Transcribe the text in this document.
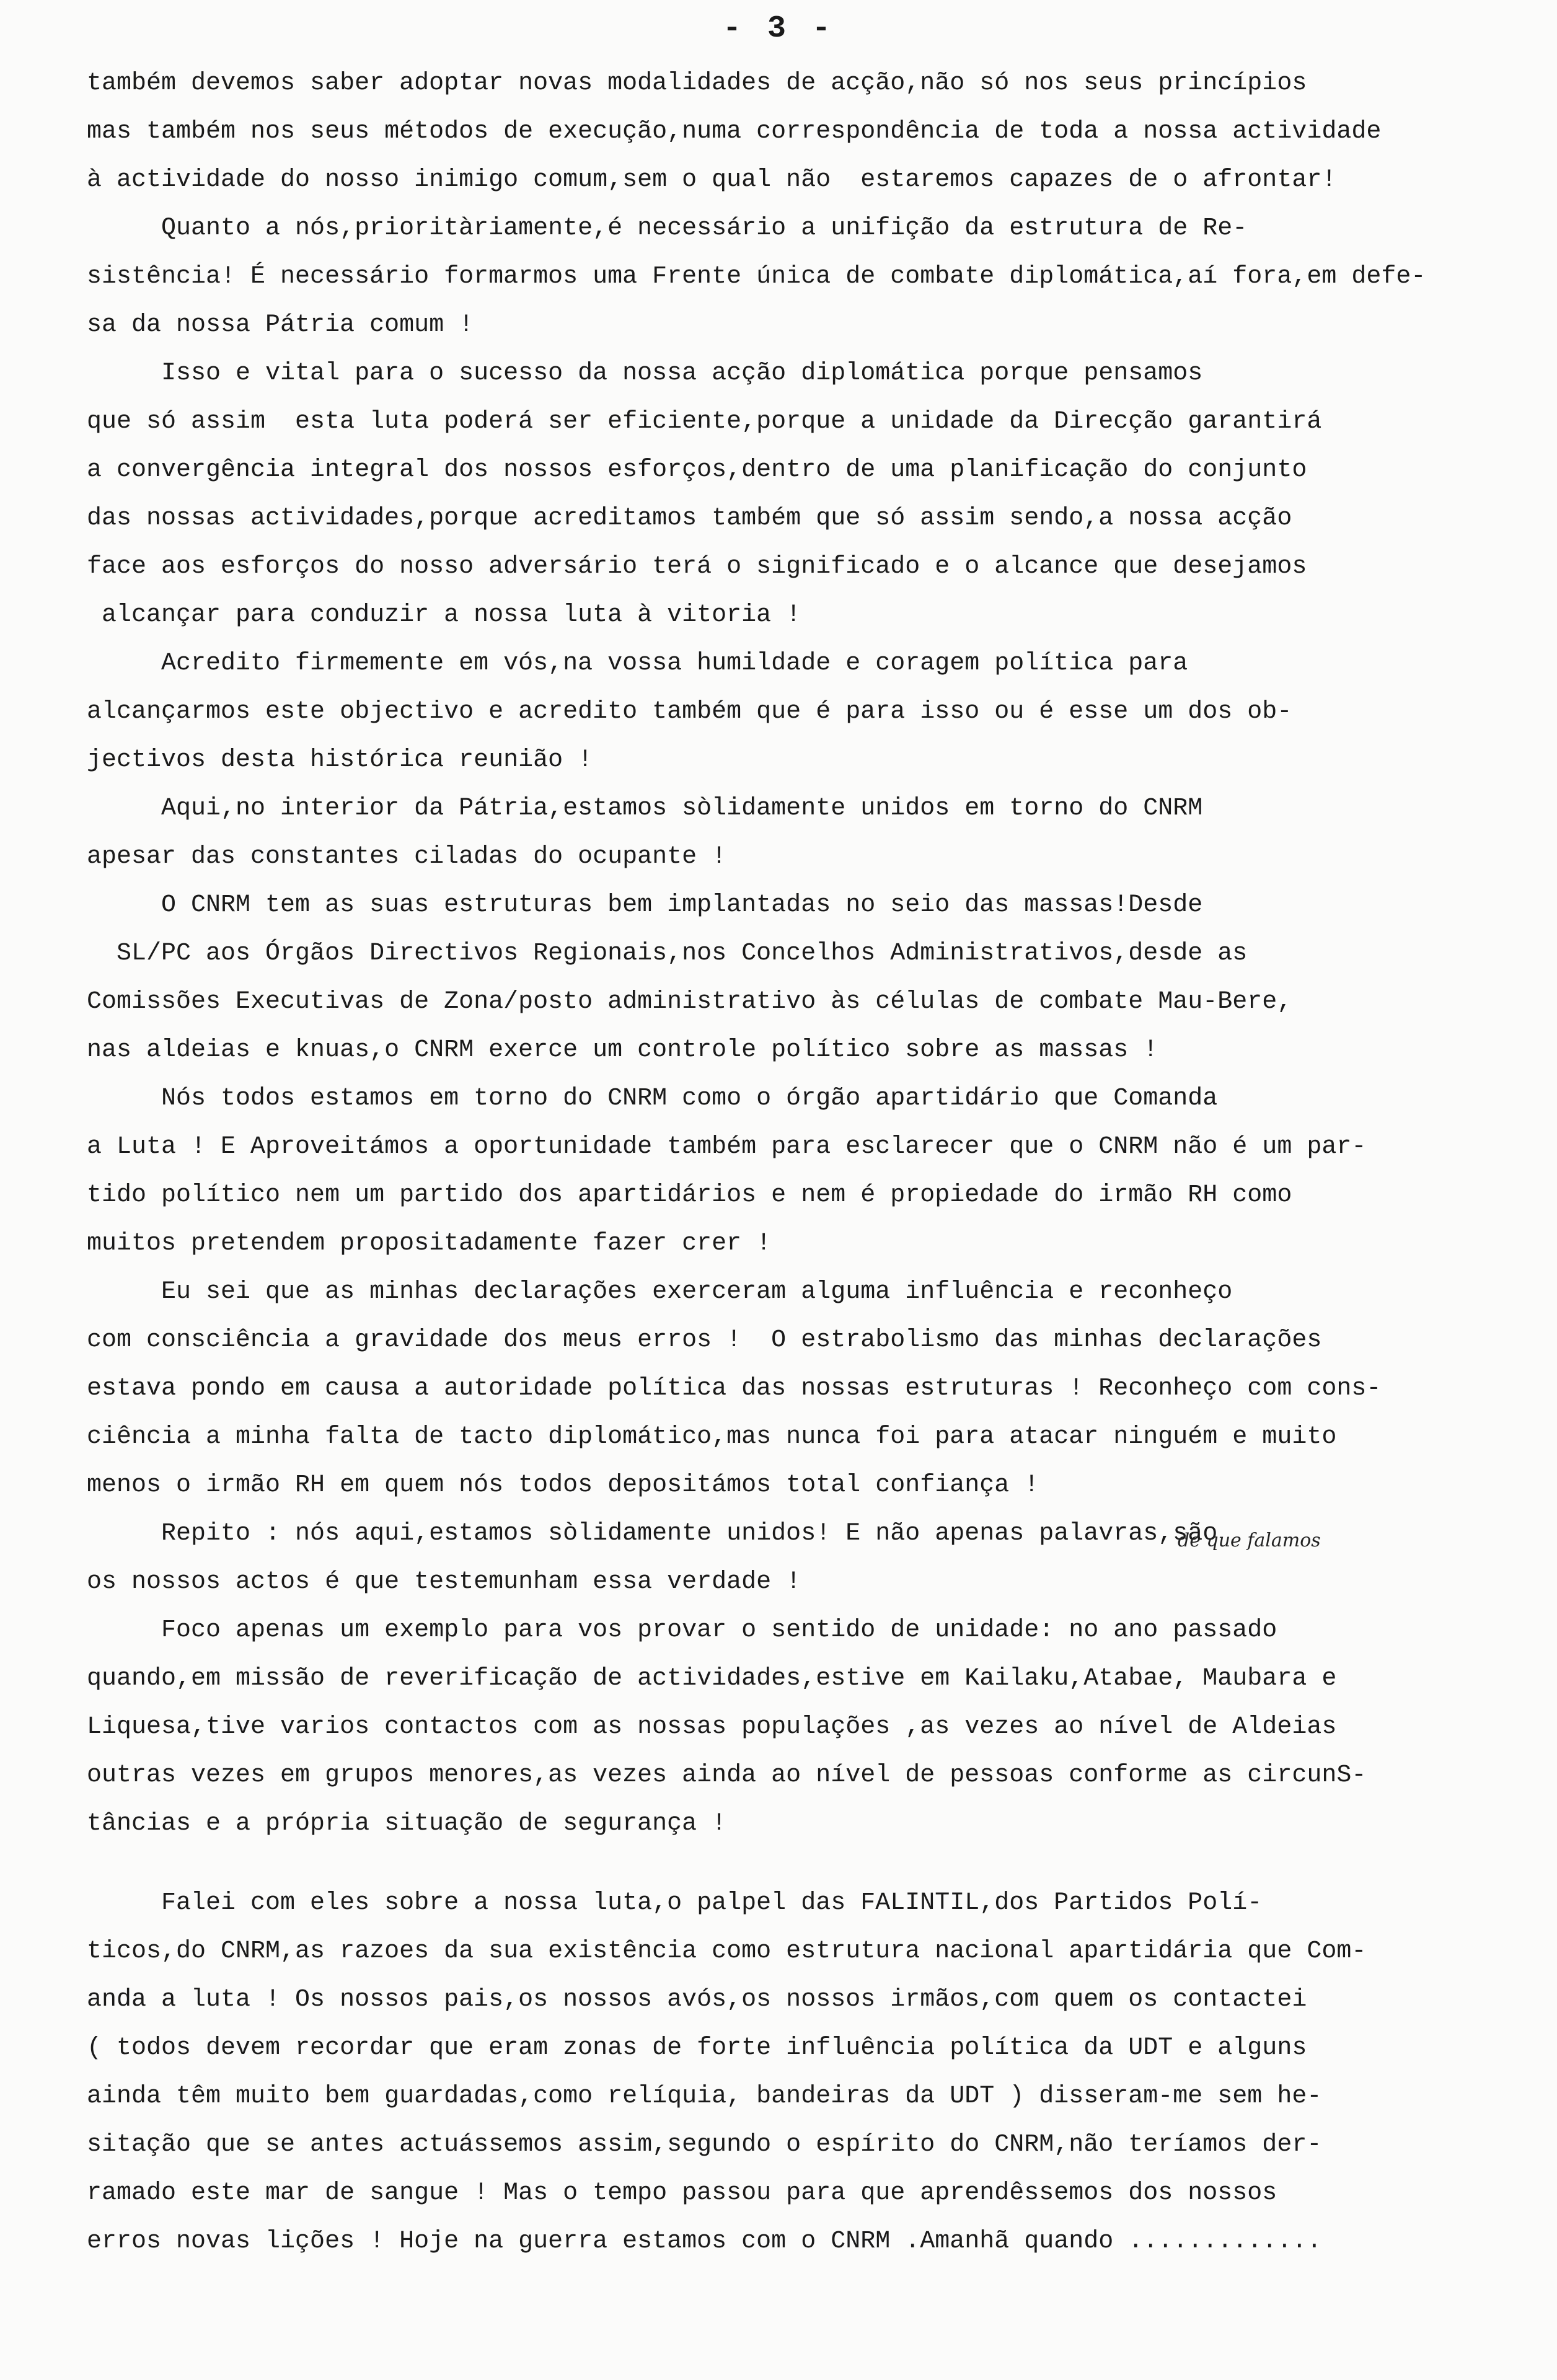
- 3 -
também devemos saber adoptar novas modalidades de acção,não só nos seus princípios
mas também nos seus métodos de execução,numa correspondência de toda a nossa actividade
à actividade do nosso inimigo comum,sem o qual não  estaremos capazes de o afrontar!
Quanto a nós,prioritàriamente,é necessário a unifição da estrutura de Re-
sistência! É necessário formarmos uma Frente única de combate diplomática,aí fora,em defe-
sa da nossa Pátria comum !
Isso e vital para o sucesso da nossa acção diplomática porque pensamos
que só assim  esta luta poderá ser eficiente,porque a unidade da Direcção garantirá
a convergência integral dos nossos esforços,dentro de uma planificação do conjunto
das nossas actividades,porque acreditamos também que só assim sendo,a nossa acção
face aos esforços do nosso adversário terá o significado e o alcance que desejamos
alcançar para conduzir a nossa luta à vitoria !
Acredito firmemente em vós,na vossa humildade e coragem política para
alcançarmos este objectivo e acredito também que é para isso ou é esse um dos ob-
jectivos desta histórica reunião !
Aqui,no interior da Pátria,estamos sòlidamente unidos em torno do CNRM
apesar das constantes ciladas do ocupante !
O CNRM tem as suas estruturas bem implantadas no seio das massas!Desde
SL/PC aos Órgãos Directivos Regionais,nos Concelhos Administrativos,desde as
Comissões Executivas de Zona/posto administrativo às células de combate Mau-Bere,
nas aldeias e knuas,o CNRM exerce um controle político sobre as massas !
Nós todos estamos em torno do CNRM como o órgão apartidário que Comanda
a Luta ! E Aproveitámos a oportunidade também para esclarecer que o CNRM não é um par-
tido político nem um partido dos apartidários e nem é propiedade do irmão RH como
muitos pretendem propositadamente fazer crer !
Eu sei que as minhas declarações exerceram alguma influência e reconheço
com consciência a gravidade dos meus erros !  O estrabolismo das minhas declarações
estava pondo em causa a autoridade política das nossas estruturas ! Reconheço com cons-
ciência a minha falta de tacto diplomático,mas nunca foi para atacar ninguém e muito
menos o irmão RH em quem nós todos depositámos total confiança !
Repito : nós aqui,estamos sòlidamente unidos! E não apenas palavras,são
os nossos actos é que testemunham essa verdade !
Foco apenas um exemplo para vos provar o sentido de unidade: no ano passado
quando,em missão de reverificação de actividades,estive em Kailaku,Atabae, Maubara e
Liquesa,tive varios contactos com as nossas populações ,as vezes ao nível de Aldeias
outras vezes em grupos menores,as vezes ainda ao nível de pessoas conforme as circunS-
tâncias e a própria situação de segurança !
Falei com eles sobre a nossa luta,o palpel das FALINTIL,dos Partidos Polí-
ticos,do CNRM,as razoes da sua existência como estrutura nacional apartidária que Com-
anda a luta ! Os nossos pais,os nossos avós,os nossos irmãos,com quem os contactei
( todos devem recordar que eram zonas de forte influência política da UDT e alguns
ainda têm muito bem guardadas,como relíquia, bandeiras da UDT ) disseram-me sem he-
sitação que se antes actuássemos assim,segundo o espírito do CNRM,não teríamos der-
ramado este mar de sangue ! Mas o tempo passou para que aprendêssemos dos nossos
erros novas lições ! Hoje na guerra estamos com o CNRM .Amanhã quando .............
de que falamos
